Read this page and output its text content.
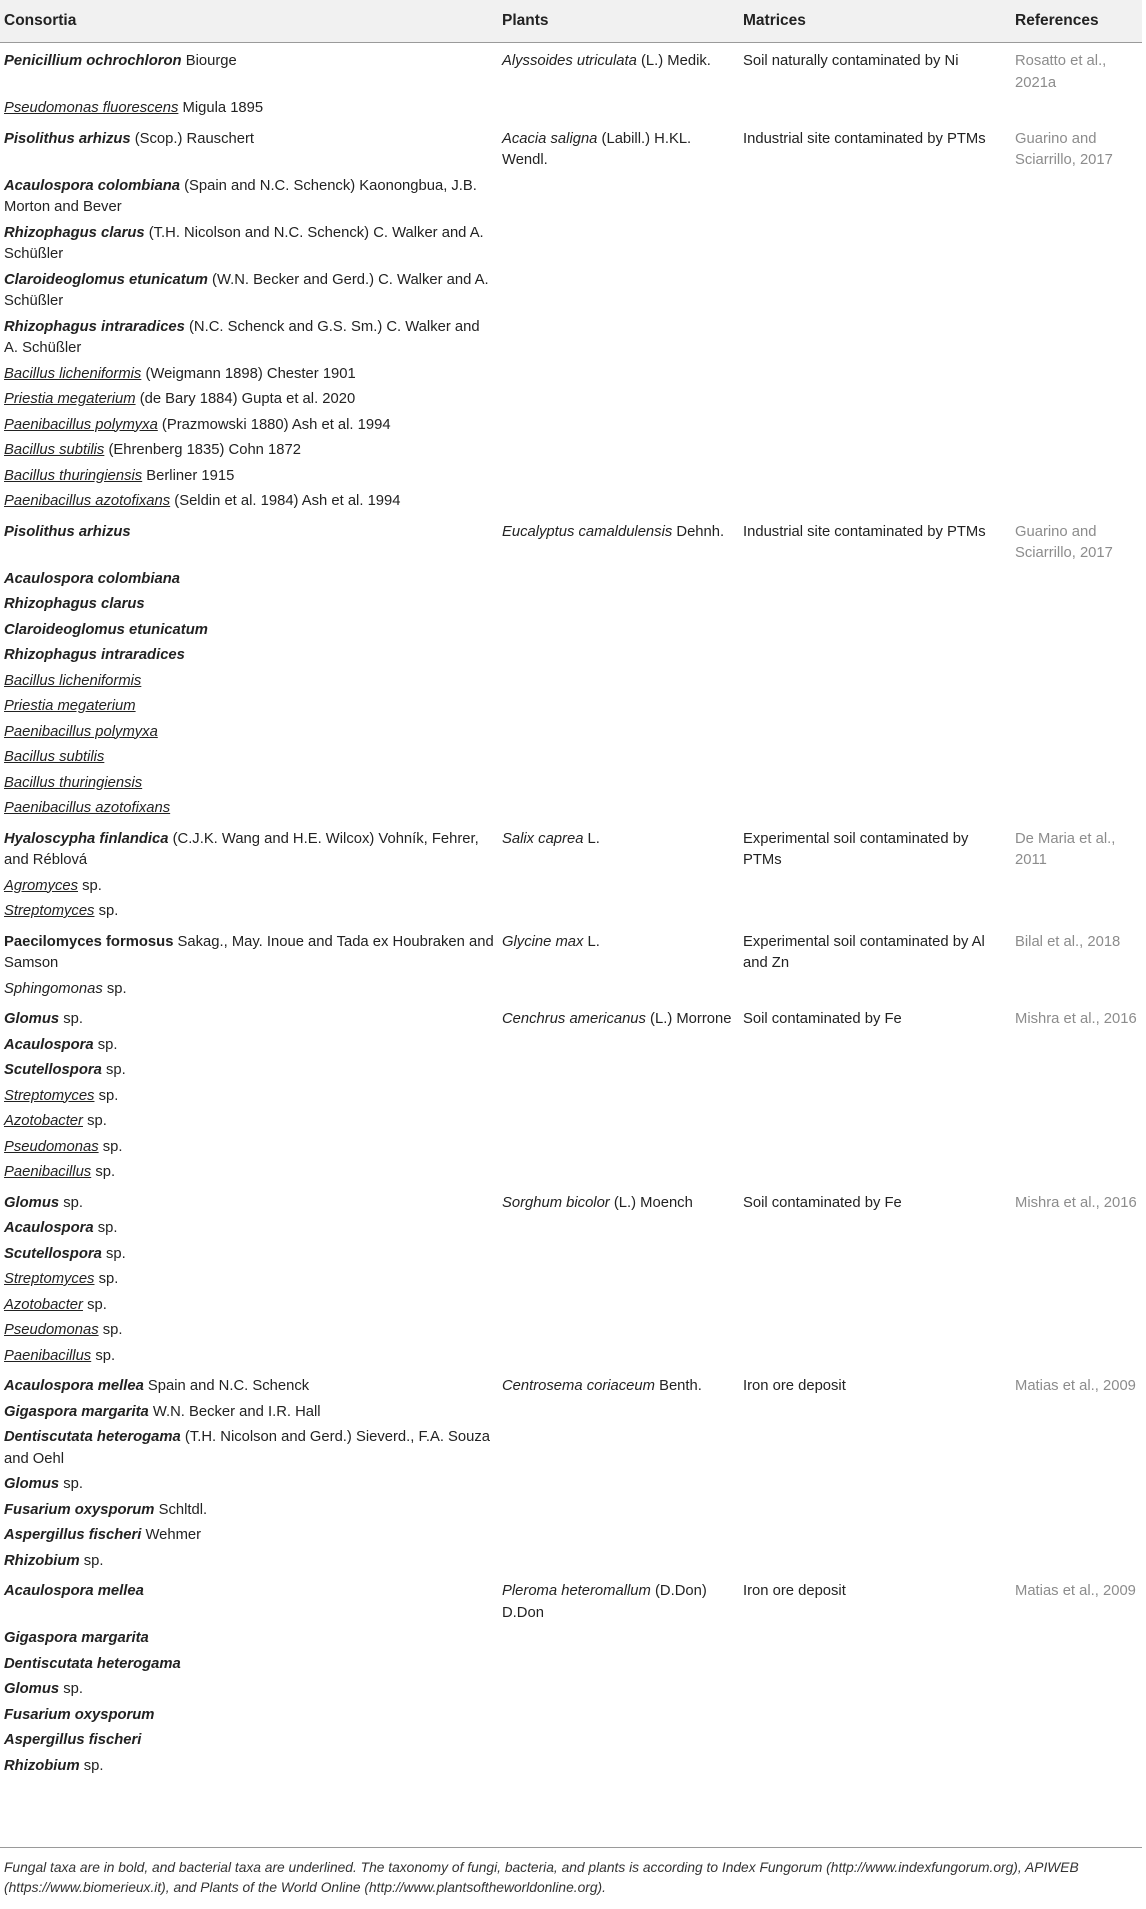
Consortia	Plants	Matrices	References
Penicillium ochrochloron Biourge	Alyssoides utriculata (L.) Medik.	Soil naturally contaminated by Ni	Rosatto et al., 2021a
Pseudomonas fluorescens Migula 1895			
Pisolithus arhizus (Scop.) Rauschert	Acacia saligna (Labill.) H.KL. Wendl.	Industrial site contaminated by PTMs	Guarino and Sciarrillo, 2017
Acaulospora colombiana (Spain and N.C. Schenck) Kaonongbua, J.B. Morton and Bever			
Rhizophagus clarus (T.H. Nicolson and N.C. Schenck) C. Walker and A. Schüßler			
Claroideoglomus etunicatum (W.N. Becker and Gerd.) C. Walker and A. Schüßler			
Rhizophagus intraradices (N.C. Schenck and G.S. Sm.) C. Walker and A. Schüßler			
Bacillus licheniformis (Weigmann 1898) Chester 1901			
Priestia megaterium (de Bary 1884) Gupta et al. 2020			
Paenibacillus polymyxa (Prazmowski 1880) Ash et al. 1994			
Bacillus subtilis (Ehrenberg 1835) Cohn 1872			
Bacillus thuringiensis Berliner 1915			
Paenibacillus azotofixans (Seldin et al. 1984) Ash et al. 1994			
Pisolithus arhizus	Eucalyptus camaldulensis Dehnh.	Industrial site contaminated by PTMs	Guarino and Sciarrillo, 2017
Acaulospora colombiana			
Rhizophagus clarus			
Claroideoglomus etunicatum			
Rhizophagus intraradices			
Bacillus licheniformis			
Priestia megaterium			
Paenibacillus polymyxa			
Bacillus subtilis			
Bacillus thuringiensis			
Paenibacillus azotofixans			
Hyaloscypha finlandica (C.J.K. Wang and H.E. Wilcox) Vohník, Fehrer, and Réblová	Salix caprea L.	Experimental soil contaminated by PTMs	De Maria et al., 2011
Agromyces sp.			
Streptomyces sp.			
Paecilomyces formosus Sakag., May. Inoue and Tada ex Houbraken and Samson	Glycine max L.	Experimental soil contaminated by Al and Zn	Bilal et al., 2018
Sphingomonas sp.			
Glomus sp.	Cenchrus americanus (L.) Morrone	Soil contaminated by Fe	Mishra et al., 2016
Acaulospora sp.			
Scutellospora sp.			
Streptomyces sp.			
Azotobacter sp.			
Pseudomonas sp.			
Paenibacillus sp.			
Glomus sp.	Sorghum bicolor (L.) Moench	Soil contaminated by Fe	Mishra et al., 2016
Acaulospora sp.			
Scutellospora sp.			
Streptomyces sp.			
Azotobacter sp.			
Pseudomonas sp.			
Paenibacillus sp.			
Acaulospora mellea Spain and N.C. Schenck	Centrosema coriaceum Benth.	Iron ore deposit	Matias et al., 2009
Gigaspora margarita W.N. Becker and I.R. Hall			
Dentiscutata heterogama (T.H. Nicolson and Gerd.) Sieverd., F.A. Souza and Oehl			
Glomus sp.			
Fusarium oxysporum Schltdl.			
Aspergillus fischeri Wehmer			
Rhizobium sp.			
Acaulospora mellea	Pleroma heteromallum (D.Don) D.Don	Iron ore deposit	Matias et al., 2009
Gigaspora margarita			
Dentiscutata heterogama			
Glomus sp.			
Fusarium oxysporum			
Aspergillus fischeri			
Rhizobium sp.			
Fungal taxa are in bold, and bacterial taxa are underlined. The taxonomy of fungi, bacteria, and plants is according to Index Fungorum (http://www.indexfungorum.org), APIWEB (https://www.biomerieux.it), and Plants of the World Online (http://www.plantsoftheworldonline.org).
